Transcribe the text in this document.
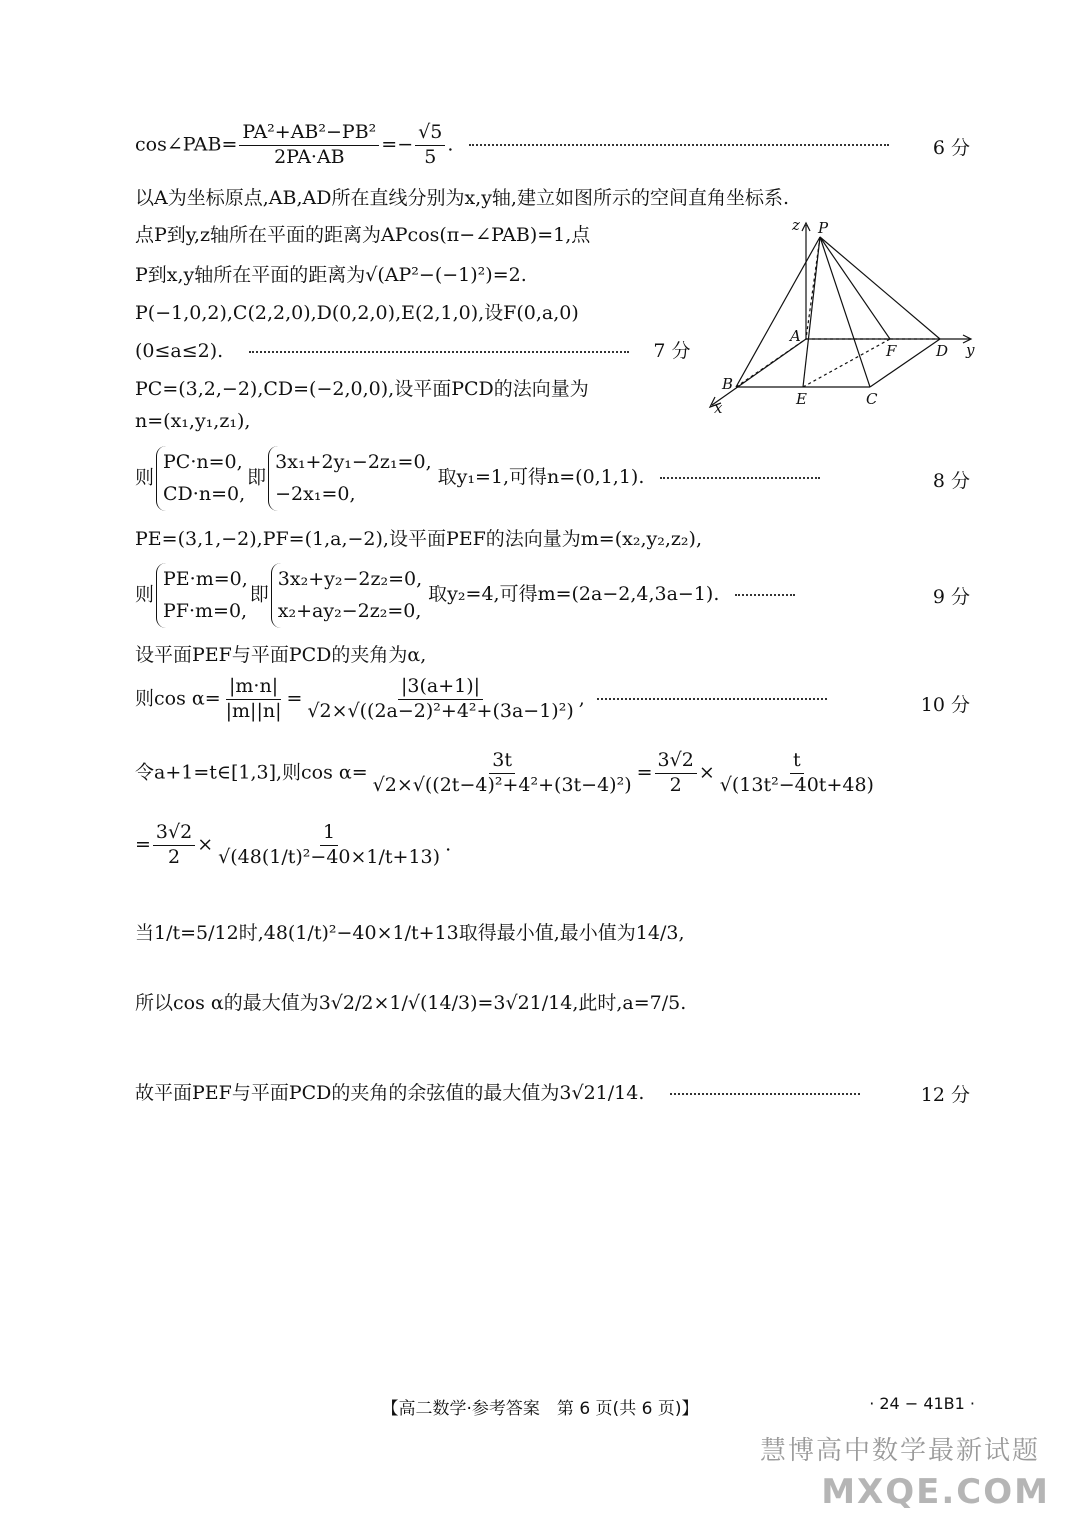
cos∠PAB= $\frac{\text{PA²+AB²−PB²}}{2PA\cdot AB} =- \frac{√5}{5}$ .	6 分
以A为坐标原点,AB,AD所在直线分别为x,y轴,建立如图所示的空间直角坐标系.
点P到y,z轴所在平面的距离为APcos(π−∠PAB)=1,点
P到x,y轴所在平面的距离为√(AP²−(−1)²)=2.
P(−1,0,2),C(2,2,0),D(0,2,0),E(2,1,0),设F(0,a,0)
(0≤a≤2).	7 分
PC=(3,2,−2),CD=(−2,0,0),设平面PCD的法向量为
n=(x₁,y₁,z₁),
z P
A
F	D y
B
E	C
x
则
PC·n=0,
CD·n=0,
即
3x₁+2y₁−2z₁=0,
−2x₁=0,
取y₁=1,可得n=(0,1,1).	8 分
PE=(3,1,−2),PF=(1,a,−2),设平面PEF的法向量为m=(x₂,y₂,z₂),
则
PE·m=0,
PF·m=0,
即
3x₂+y₂−2z₂=0,
x₂+ay₂−2z₂=0,
取y₂=4,可得m=(2a−2,4,3a−1).	9 分
设平面PEF与平面PCD的夹角为α,
则$\cos \alpha= \frac{|m\cdot n|}{|m||n|} = \frac{|3(a+1)|}{\text{√2×√((2a−2)²+4²+(3a−1)²)}}$ ,	10 分
令a+1=t∈[1,3],则$\cos \alpha= \frac{3t}{\text{√2×√((2t−4)²+4²+(3t−4)²)}} = \frac{3√2}{2} \times \frac{t}{\text{√(13t²−40t+48)}}$
= $\frac{3√2}{2} \times \frac{1}{\text{√(48(1/t)²−40×1/t+13)}}$ .
当1/t=5/12时,48(1/t)²−40×1/t+13取得最小值,最小值为14/3,
所以cos α的最大值为3√2/2×1/√(14/3)=3√21/14,此时,a=7/5.
故平面PEF与平面PCD的夹角的余弦值的最大值为3√21/14.	12 分
【高二数学·参考答案　第 6 页(共 6 页)】	· 24 − 41B1 ·
慧博高中数学最新试题
MXQE.COM
